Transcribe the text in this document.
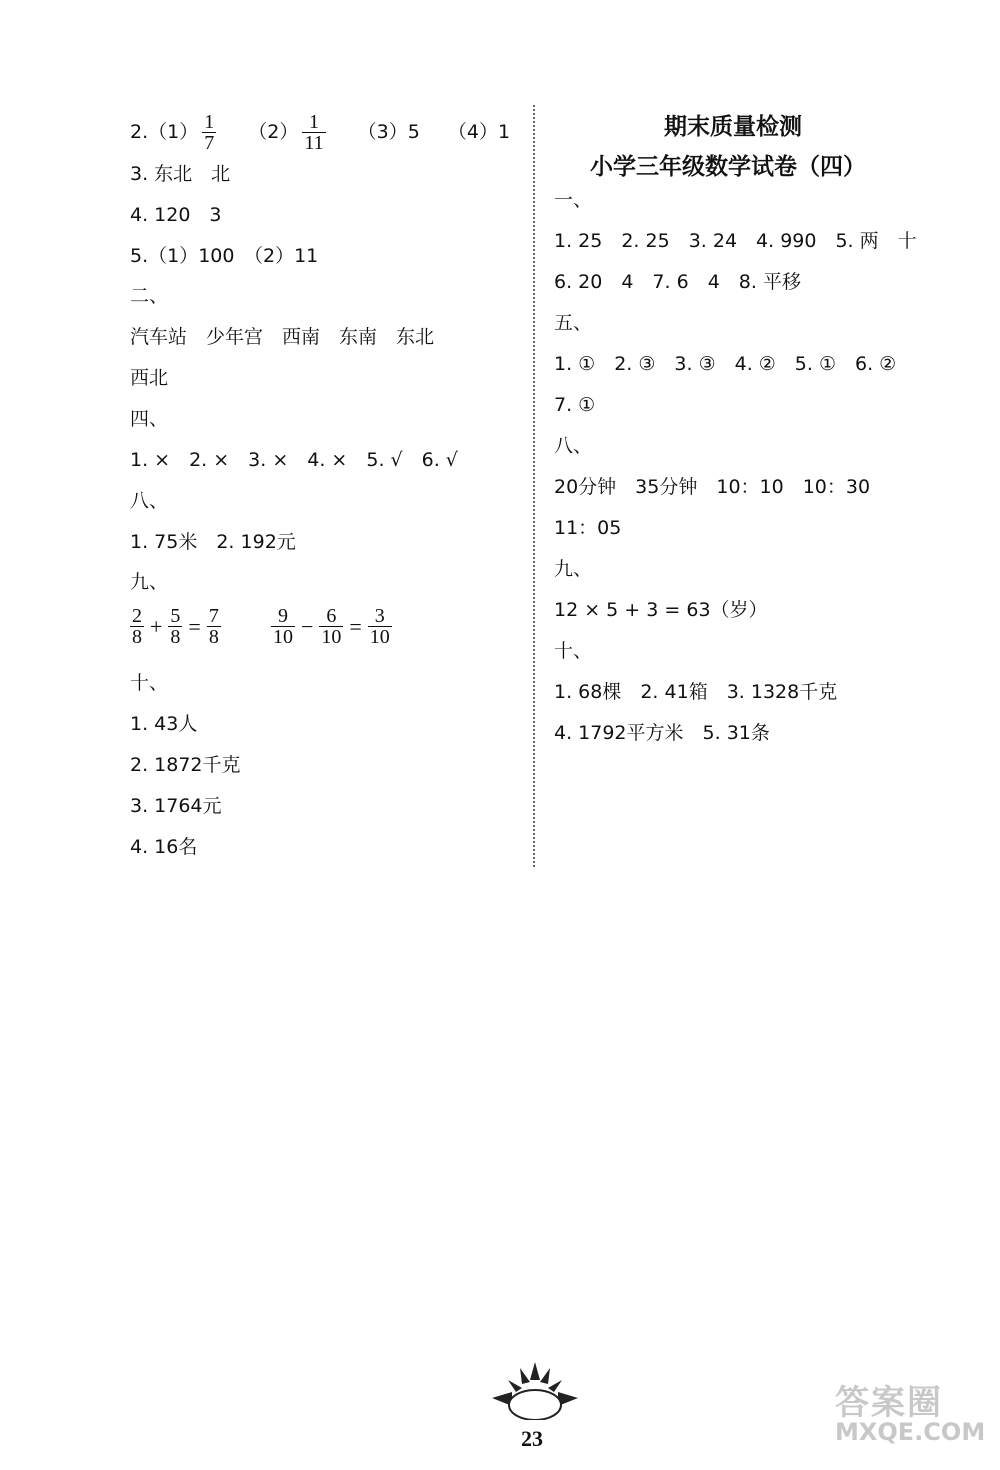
$2.(1) \frac{1}{7} (2) \frac{1}{11} (3)5$ （4）1
3. 东北　北
4. 120　3
5.（1）100　（2）11
二、
汽车站　少年宫　西南　东南　东北
西北
四、
1. ×　2. ×　3. ×　4. ×　5. √　6. √
八、
1. 75米　2. 192元
九、
$\frac{2}{8} + \frac{5}{8} = \frac{7}{8}$
	$\frac{9}{10} - \frac{6}{10} = \frac{3}{10}$
十、
1. 43人
2. 1872千克
3. 1764元
4. 16名
期末质量检测
小学三年级数学试卷（四）
一、
1. 25　2. 25　3. 24　4. 990　5. 两　十
6. 20　4　7. 6　4　8. 平移
五、
1. ①　2. ③　3. ③　4. ②　5. ①　6. ②
7. ①
八、
20分钟　35分钟　10：10　10：30
11：05
九、
12 × 5 + 3 = 63（岁）
十、
1. 68棵　2. 41箱　3. 1328千克
4. 1792平方米　5. 31条
23
答案圈
MXQE.COM
